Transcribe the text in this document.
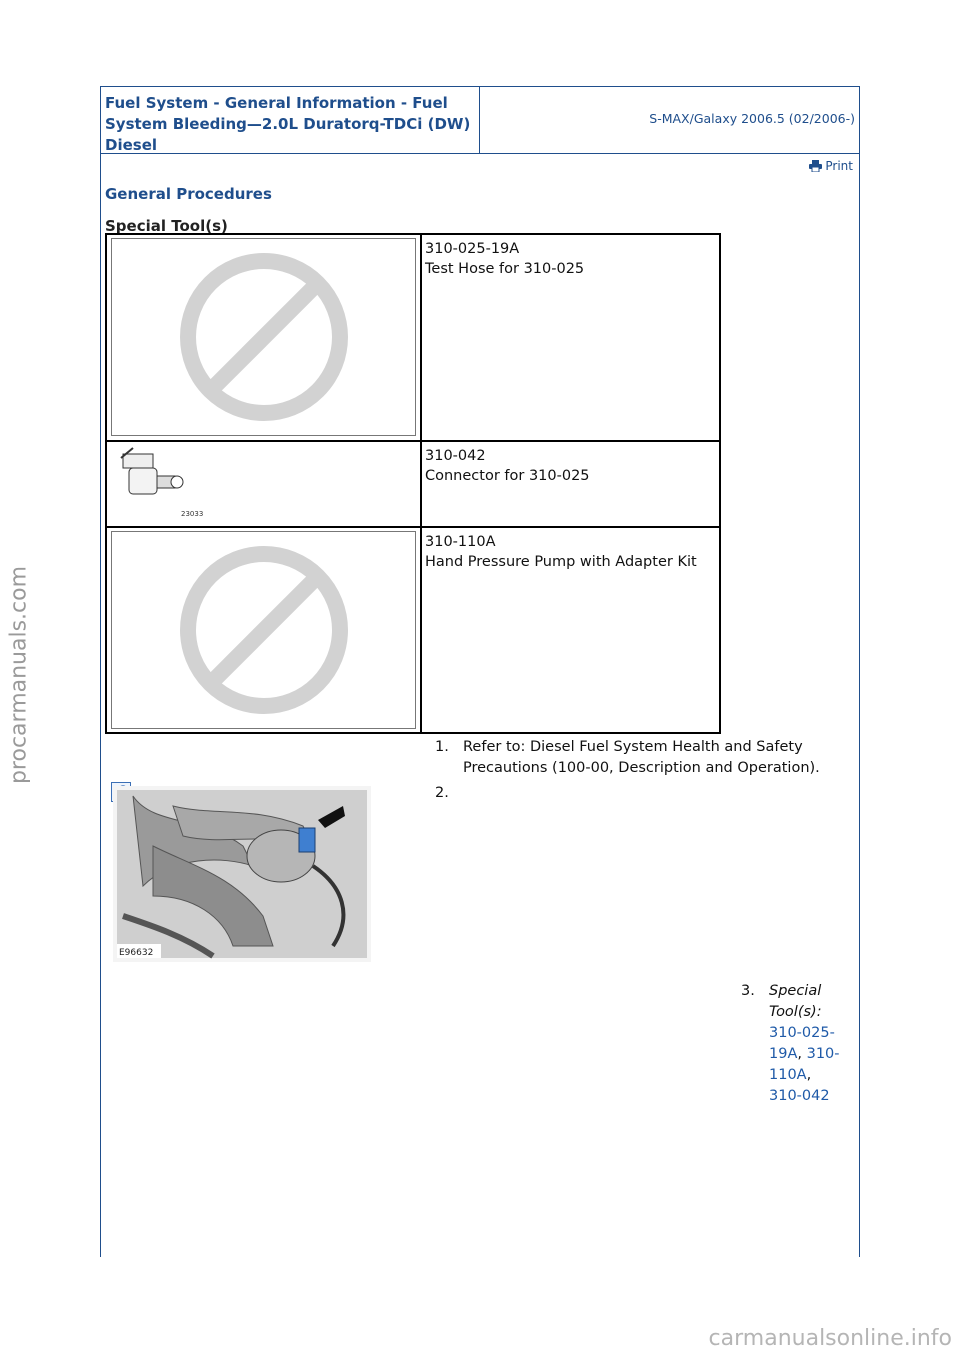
Fuel System - General Information - Fuel System Bleeding—2.0L Duratorq-TDCi (DW) Diesel
S-MAX/Galaxy 2006.5 (02/2006-)
Print
General Procedures
Special Tool(s)

310-025-19A
Test Hose for 310-025

23033	310-042
Connector for 310-025

310-110A
Hand Pressure Pump with Adapter Kit
1. Refer to: Diesel Fuel System Health and Safety
Precautions (100-00, Description and Operation).
E96632
2.
3. Special
Tool(s):
310-025-
19A, 310-
110A,
310-042
procarmanuals.com
carmanualsonline.info
